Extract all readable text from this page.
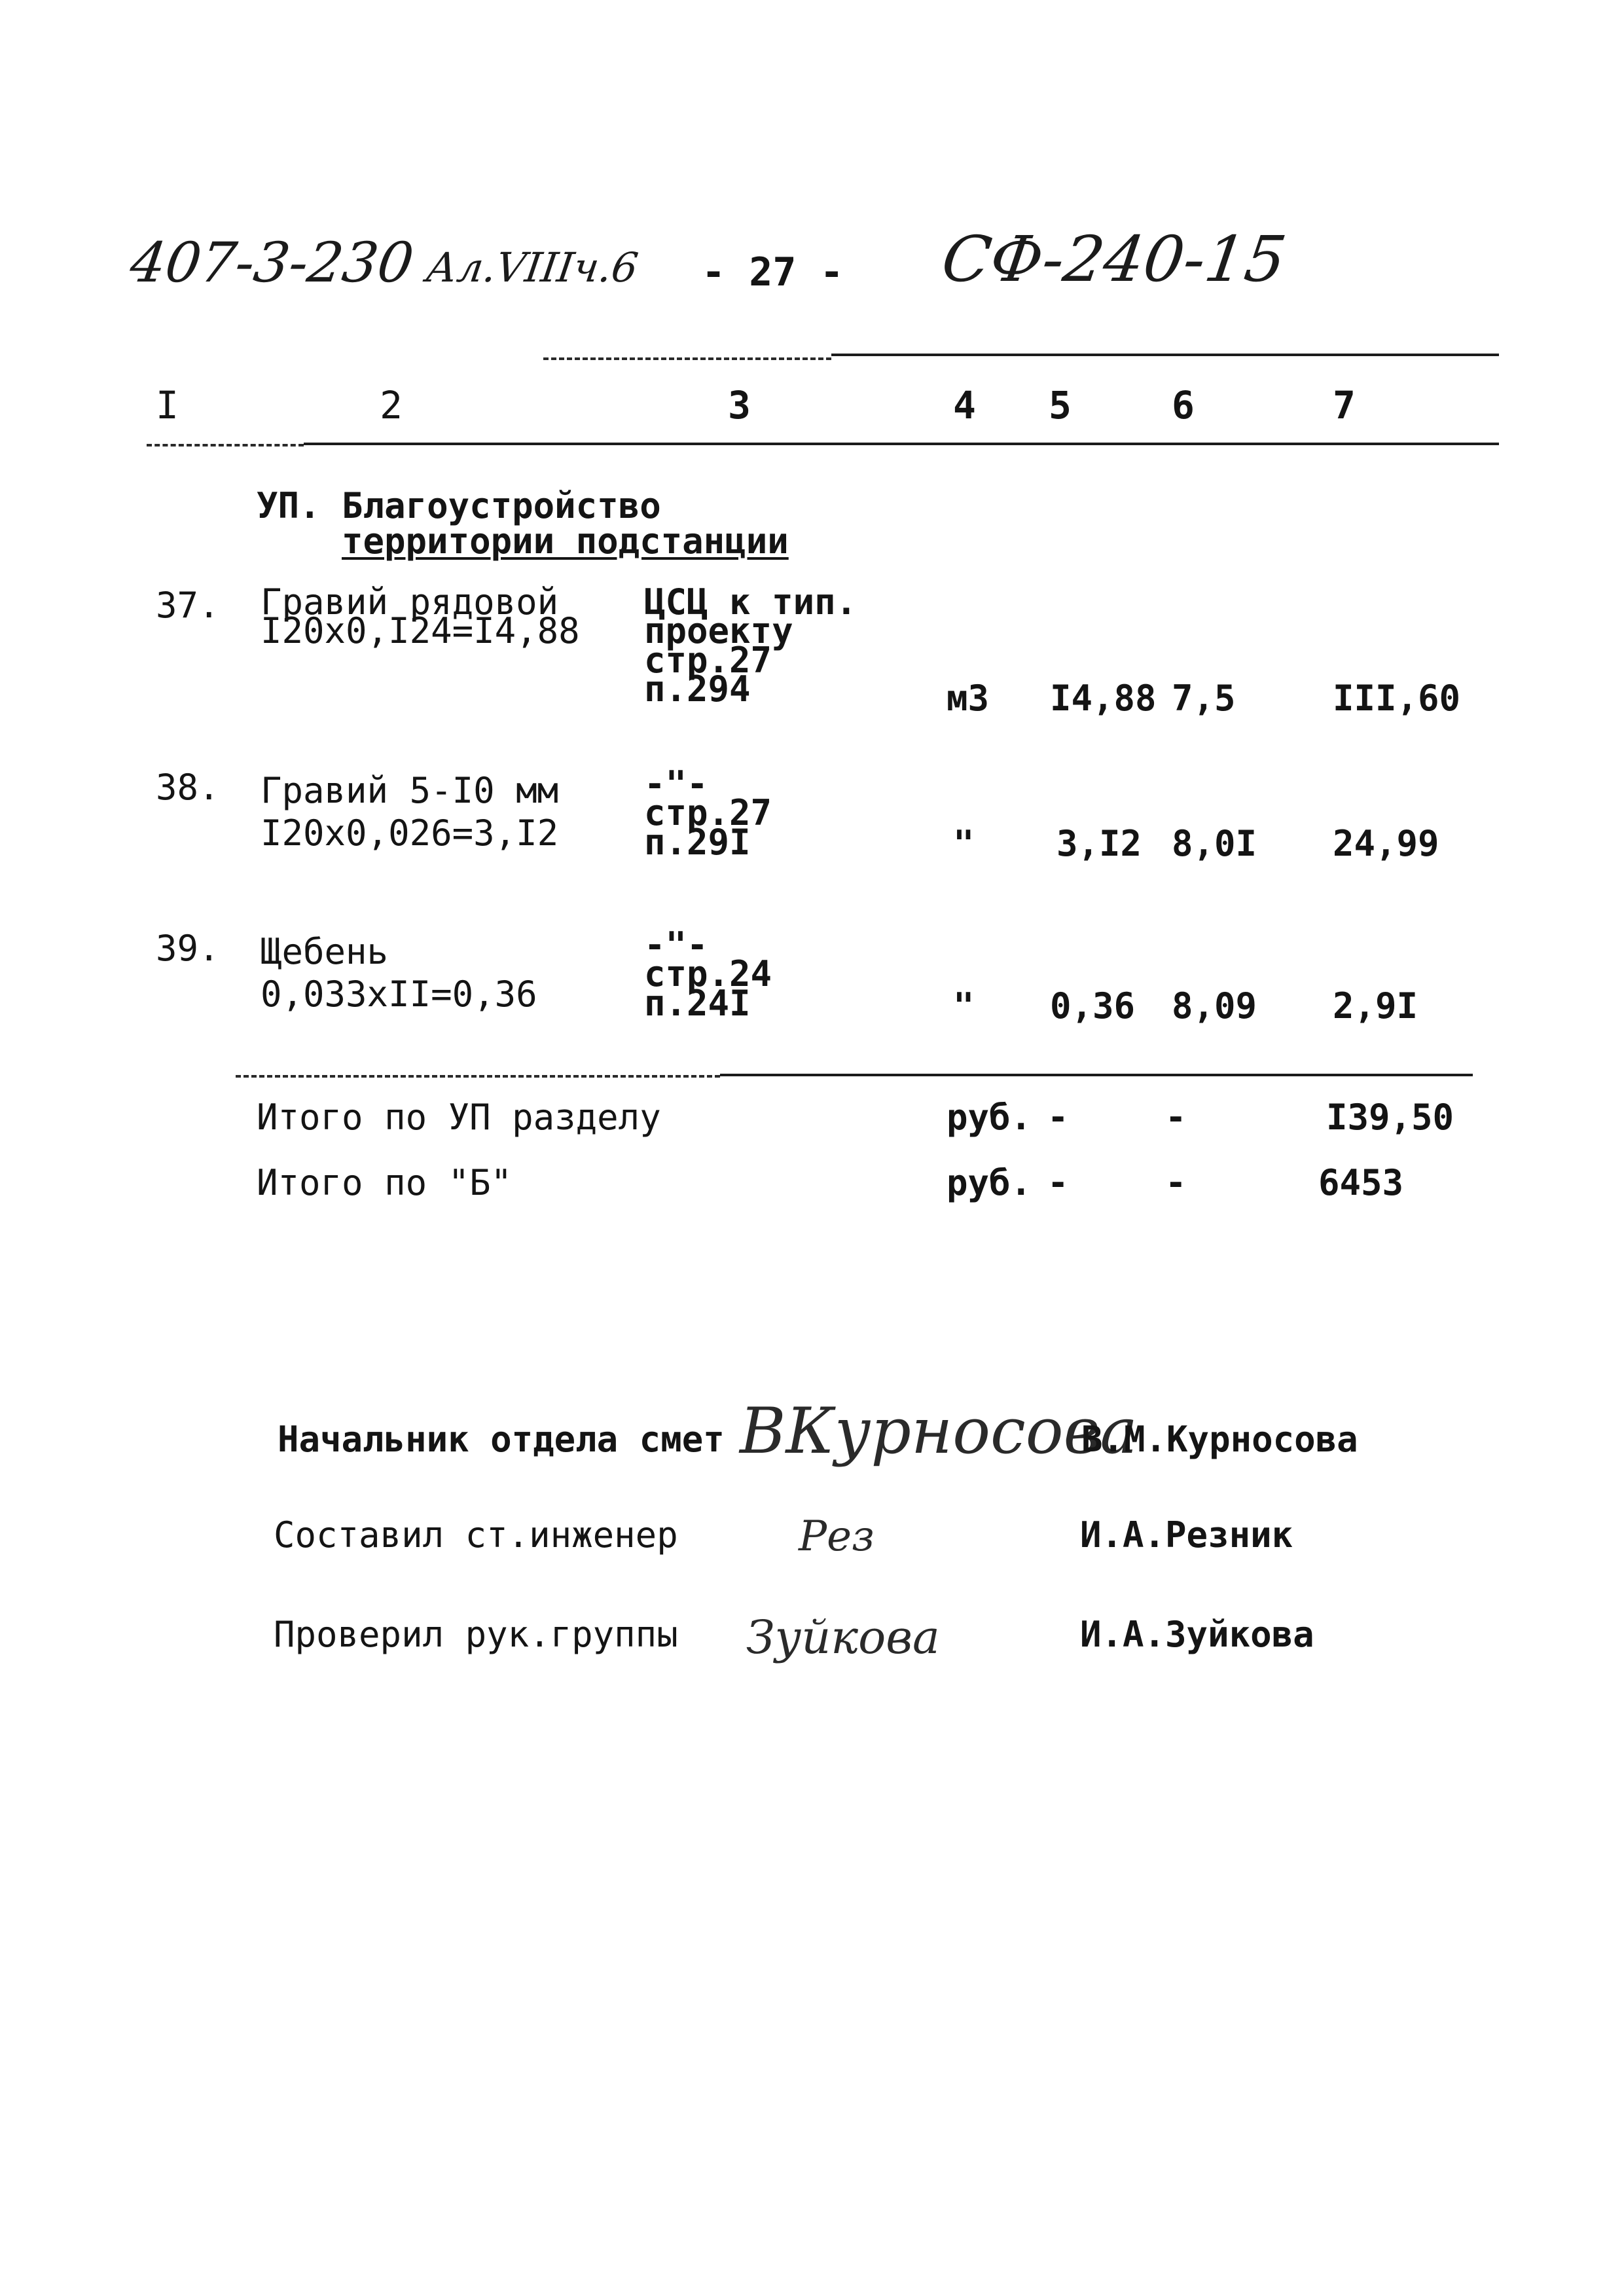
407-3-230 Ал.VIIIч.6 - 27 - СФ-240-15
I	2	3	4 5	6	7
УП. Благоустройство
территории подстанции
37. Гравий рядовой
I20x0,I24=I4,88
ЦСЦ к тип.
проекту
стр.27
п.294	м3 I4,88 7,5	III,60
38. Гравий 5-I0 мм
I20x0,026=3,I2
-"-
стр.27
п.29I	" 3,I2 8,0I 24,99
39. Щебень
0,033xII=0,36
-"-
стр.24
п.24I	" 0,36 8,09 2,9I
Итого по УП разделу	руб. -	-	I39,50
Итого по "Б"	руб. -	-	6453
Начальник отдела смет ВКурносова
В.М.Курносова
Составил ст.инженер	Рез	И.А.Резник
Проверил рук.группы Зуйкова	И.А.Зуйкова
